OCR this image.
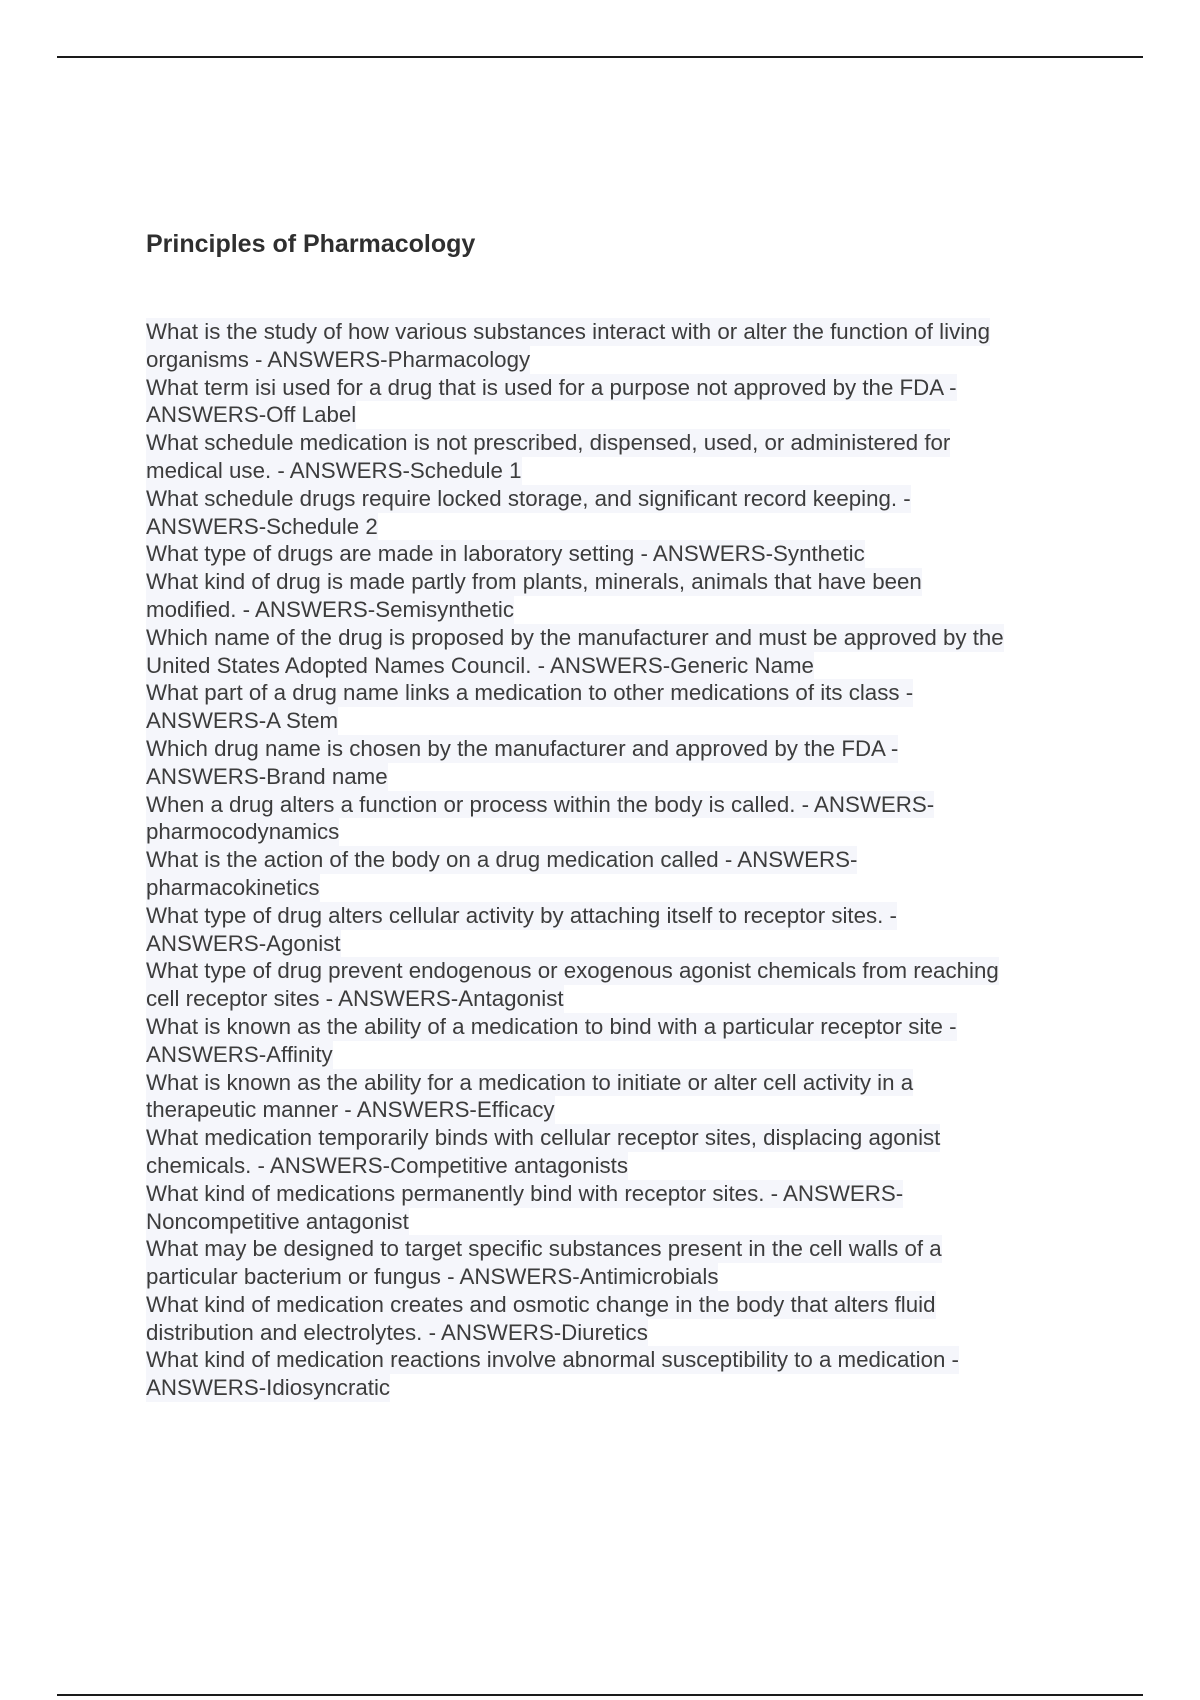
Principles of Pharmacology
What is the study of how various substances interact with or alter the function of living
organisms - ANSWERS-Pharmacology
What term isi used for a drug that is used for a purpose not approved by the FDA -
ANSWERS-Off Label
What schedule medication is not prescribed, dispensed, used, or administered for
medical use. - ANSWERS-Schedule 1
What schedule drugs require locked storage, and significant record keeping. -
ANSWERS-Schedule 2
What type of drugs are made in laboratory setting - ANSWERS-Synthetic
What kind of drug is made partly from plants, minerals, animals that have been
modified. - ANSWERS-Semisynthetic
Which name of the drug is proposed by the manufacturer and must be approved by the
United States Adopted Names Council. - ANSWERS-Generic Name
What part of a drug name links a medication to other medications of its class -
ANSWERS-A Stem
Which drug name is chosen by the manufacturer and approved by the FDA -
ANSWERS-Brand name
When a drug alters a function or process within the body is called. - ANSWERS-
pharmocodynamics
What is the action of the body on a drug medication called - ANSWERS-
pharmacokinetics
What type of drug alters cellular activity by attaching itself to receptor sites. -
ANSWERS-Agonist
What type of drug prevent endogenous or exogenous agonist chemicals from reaching
cell receptor sites - ANSWERS-Antagonist
What is known as the ability of a medication to bind with a particular receptor site -
ANSWERS-Affinity
What is known as the ability for a medication to initiate or alter cell activity in a
therapeutic manner - ANSWERS-Efficacy
What medication temporarily binds with cellular receptor sites, displacing agonist
chemicals. - ANSWERS-Competitive antagonists
What kind of medications permanently bind with receptor sites. - ANSWERS-
Noncompetitive antagonist
What may be designed to target specific substances present in the cell walls of a
particular bacterium or fungus - ANSWERS-Antimicrobials
What kind of medication creates and osmotic change in the body that alters fluid
distribution and electrolytes. - ANSWERS-Diuretics
What kind of medication reactions involve abnormal susceptibility to a medication -
ANSWERS-Idiosyncratic
